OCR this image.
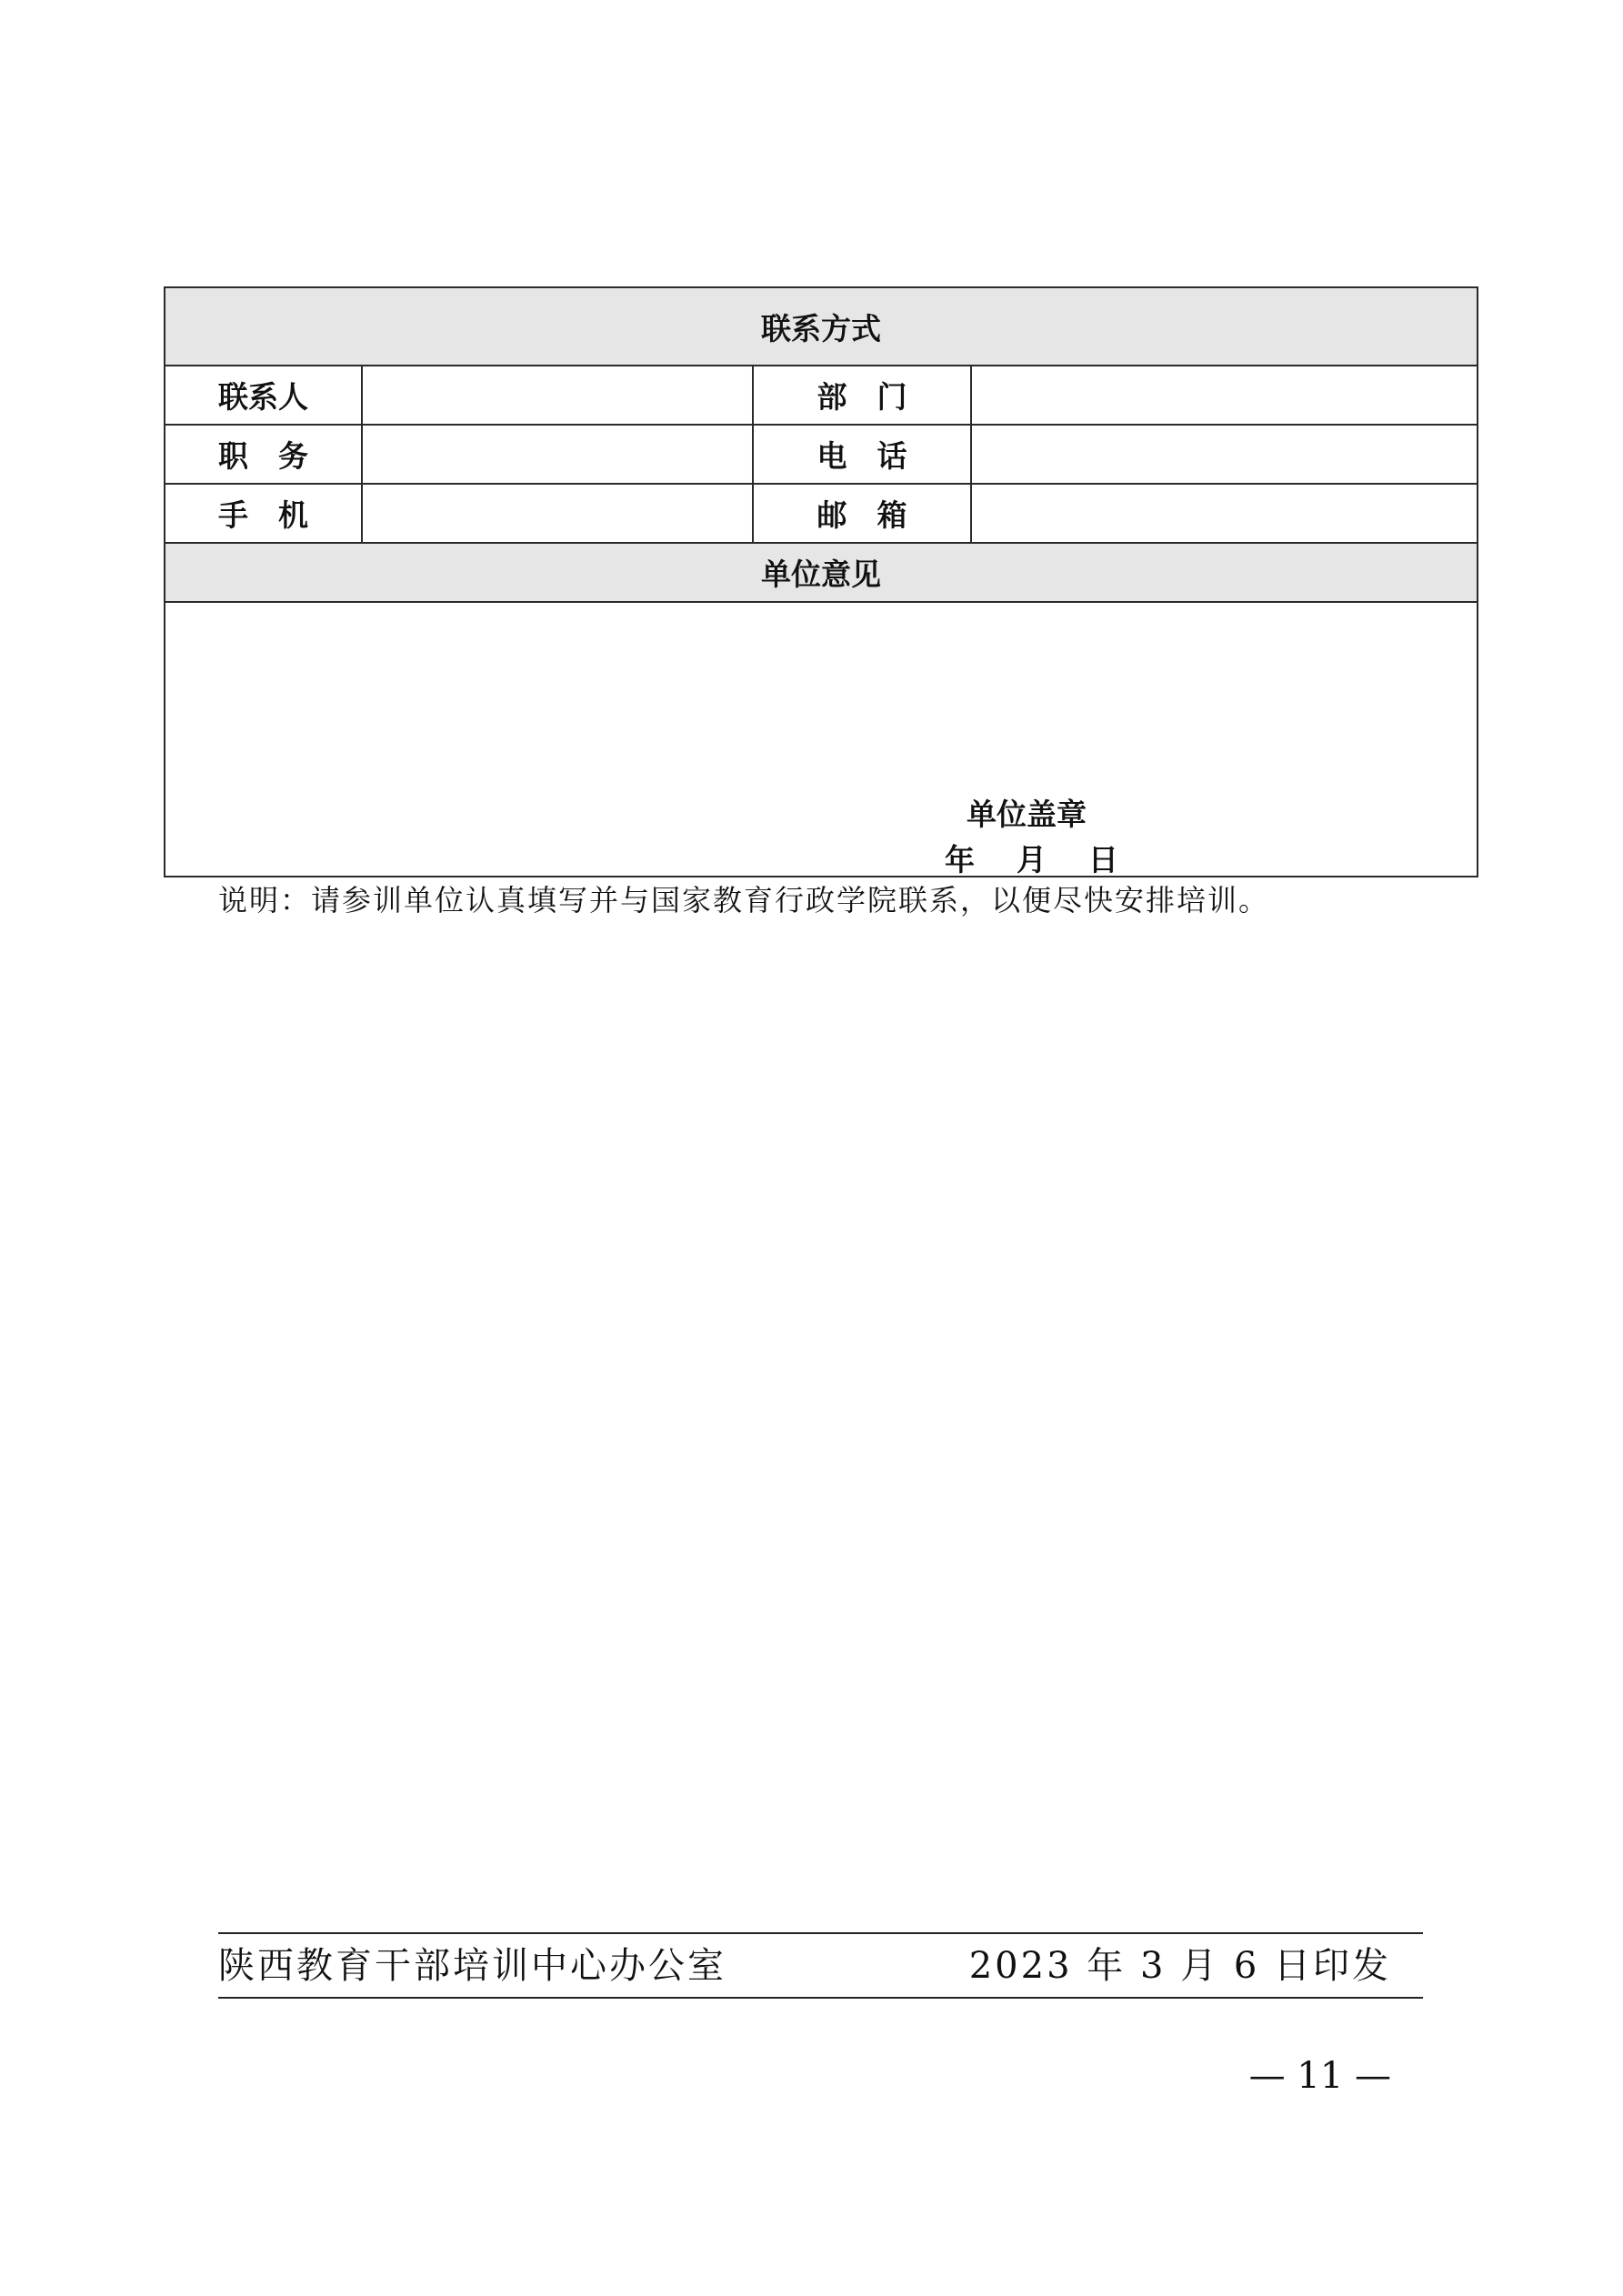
联系方式			
联系人		部　门	
职　务		电　话	
手　机		邮　箱	
单位意见			

单位盖章
年    月    日			
说明：请参训单位认真填写并与国家教育行政学院联系，以便尽快安排培训。
陕西教育干部培训中心办公室	2023 年 3 月 6 日印发
— 11 —
